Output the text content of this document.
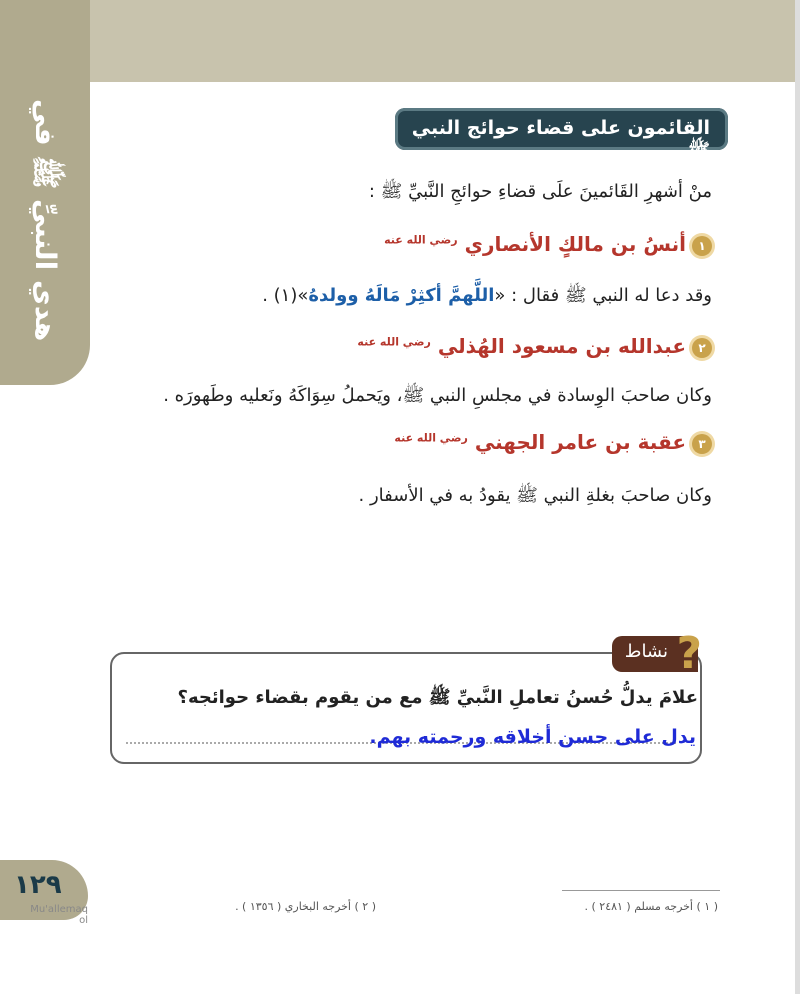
هدي النبيِّ ﷺ في	القائمون على قضاء حوائج النبي ﷺ
منْ أشهرِ القَائمينَ علَى قضاءِ حوائجِ النَّبيِّ ﷺ :
١أنسُ بن مالكٍ الأنصاري $^{رضي الله عنه}$
وقد دعا له النبي ﷺ فقال : «اللَّهمَّ أكثِرْ مَالَهُ وولدهُ»(١) .
٢عبدالله بن مسعود الهُذلي $^{رضي الله عنه}$
وكان صاحبَ الوِسادة في مجلسِ النبي ﷺ، ويَحملُ سِوَاكَهُ ونَعليه وطَهورَه .
٣عقبة بن عامر الجهني $^{رضي الله عنه}$
وكان صاحبَ بغلةِ النبي ﷺ يقودُ به في الأسفار .
نشاط ?
علامَ يدلُّ حُسنُ تعاملِ النَّبيِّ ﷺ مع من يقوم بقضاء حوائجه؟
يدل على حسن أخلاقه ورحمته بهم.
١٢٩
Mu'allemaq ol
( ١ ) أخرجه مسلم ( ٢٤٨١ ) .
( ٢ ) أخرجه البخاري ( ١٣٥٦ ) .
